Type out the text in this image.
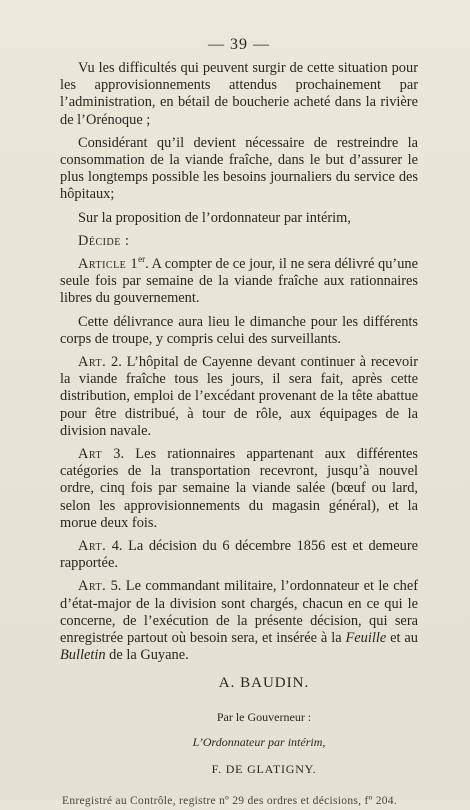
— 39 —

Vu les difficultés qui peuvent surgir de cette situation pour les approvisionnements attendus prochainement par l’administration, en bétail de boucherie acheté dans la rivière de l’Orénoque ;

Considérant qu’il devient nécessaire de restreindre la consommation de la viande fraîche, dans le but d’assurer le plus longtemps possible les besoins journaliers du service des hôpitaux;

Sur la proposition de l’ordonnateur par intérim,

Décide :

Article 1er. A compter de ce jour, il ne sera délivré qu’une seule fois par semaine de la viande fraîche aux rationnaires libres du gouvernement.

Cette délivrance aura lieu le dimanche pour les différents corps de troupe, y compris celui des surveillants.

Art. 2. L’hôpital de Cayenne devant continuer à recevoir la viande fraîche tous les jours, il sera fait, après cette distribution, emploi de l’excédant provenant de la tête abattue pour être distribué, à tour de rôle, aux équipages de la division navale.

Art 3. Les rationnaires appartenant aux différentes catégories de la transportation recevront, jusqu’à nouvel ordre, cinq fois par semaine la viande salée (bœuf ou lard, selon les approvisionnements du magasin général), et la morue deux fois.

Art. 4. La décision du 6 décembre 1856 est et demeure rapportée.

Art. 5. Le commandant militaire, l’ordonnateur et le chef d’état-major de la division sont chargés, chacun en ce qui le concerne, de l’exécution de la présente décision, qui sera enregistrée partout où besoin sera, et insérée à la Feuille et au Bulletin de la Guyane.

A. BAUDIN.
Par le Gouverneur :
L’Ordonnateur par intérim,
F. DE GLATIGNY.

Enregistré au Contrôle, registre nº 29 des ordres et décisions, fº 204.
